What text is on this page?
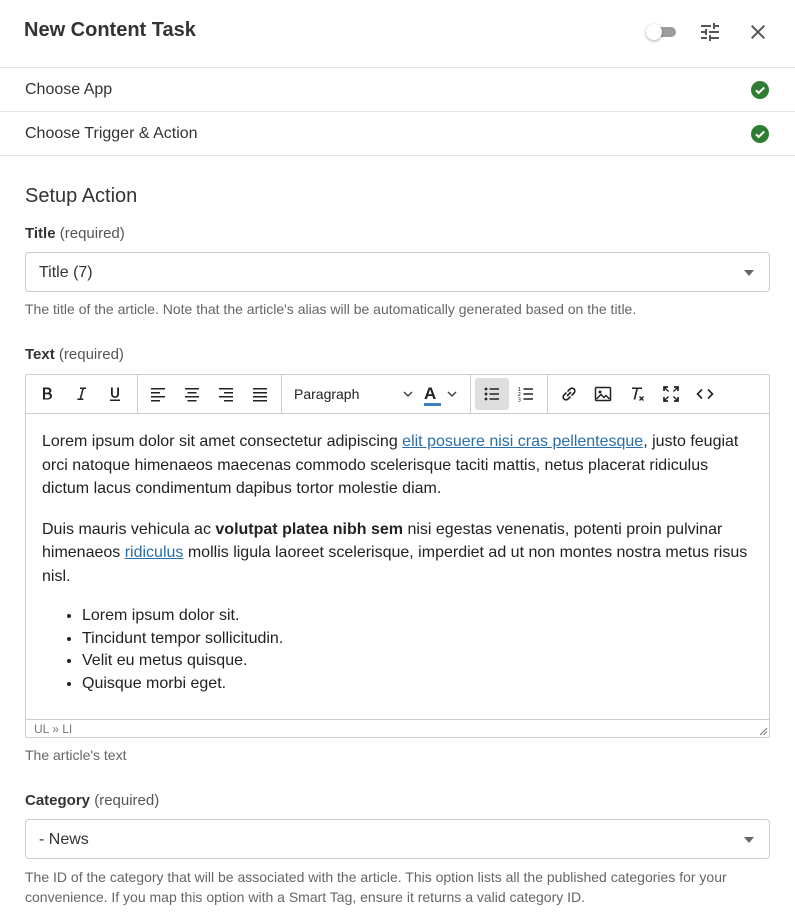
New Content Task
Choose App
Choose Trigger & Action
Setup Action
Title (required)
Title (7)
The title of the article. Note that the article's alias will be automatically generated based on the title.
Text (required)
Paragraph	A	1
2
3

Lorem ipsum dolor sit amet consectetur adipiscing elit posuere nisi cras pellentesque, justo feugiat orci natoque himenaeos maecenas commodo scelerisque taciti mattis, netus placerat ridiculus dictum lacus condimentum dapibus tortor molestie diam.

Duis mauris vehicula ac volutpat platea nibh sem nisi egestas venenatis, potenti proin pulvinar himenaeos ridiculus mollis ligula laoreet scelerisque, imperdiet ad ut non montes nostra metus risus nisl.

• Lorem ipsum dolor sit.
• Tincidunt tempor sollicitudin.
• Velit eu metus quisque.
• Quisque morbi eget.
UL » LI
The article's text
Category (required)
- News
The ID of the category that will be associated with the article. This option lists all the published categories for your convenience. If you map this option with a Smart Tag, ensure it returns a valid category ID.
